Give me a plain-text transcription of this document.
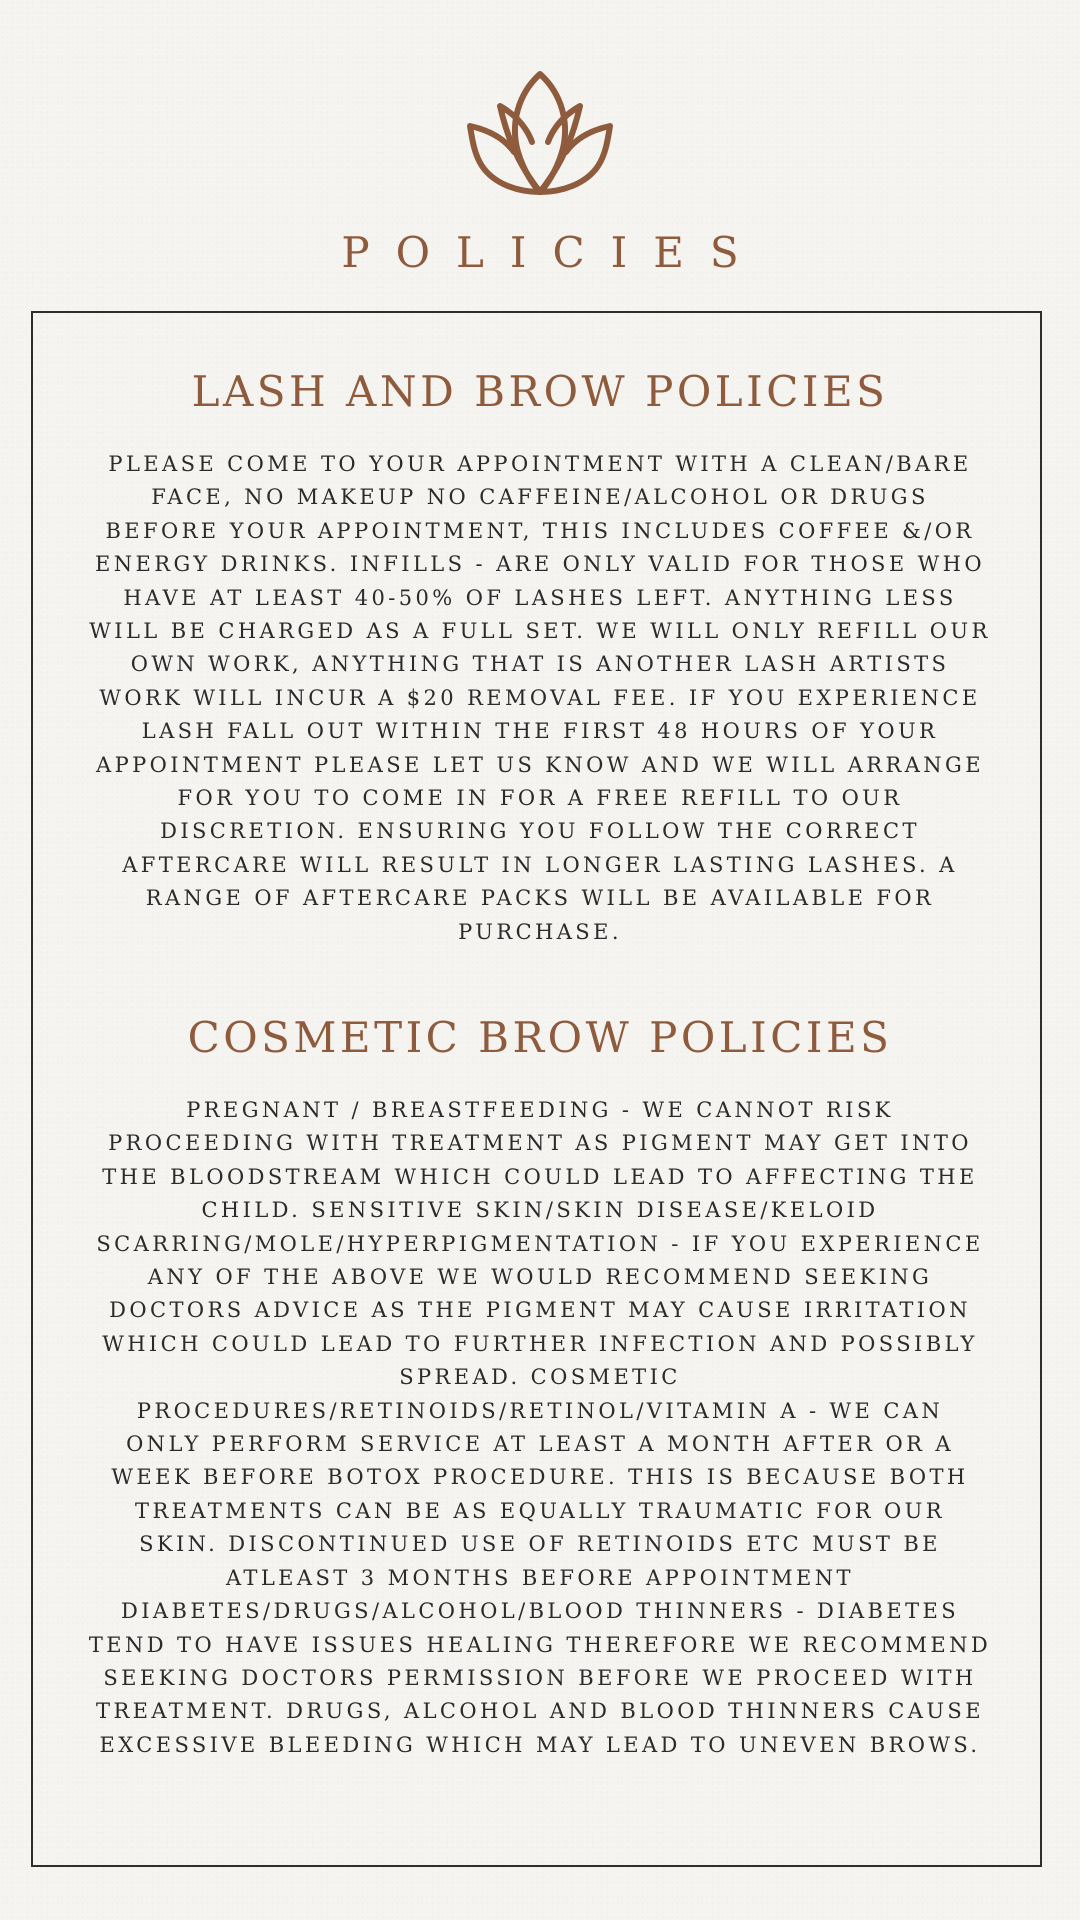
POLICIES
LASH AND BROW POLICIES
PLEASE COME TO YOUR APPOINTMENT WITH A CLEAN/BARE
FACE, NO MAKEUP NO CAFFEINE/ALCOHOL OR DRUGS
BEFORE YOUR APPOINTMENT, THIS INCLUDES COFFEE &/OR
ENERGY DRINKS. INFILLS - ARE ONLY VALID FOR THOSE WHO
HAVE AT LEAST 40-50% OF LASHES LEFT. ANYTHING LESS
WILL BE CHARGED AS A FULL SET. WE WILL ONLY REFILL OUR
OWN WORK, ANYTHING THAT IS ANOTHER LASH ARTISTS
WORK WILL INCUR A $20 REMOVAL FEE. IF YOU EXPERIENCE
LASH FALL OUT WITHIN THE FIRST 48 HOURS OF YOUR
APPOINTMENT PLEASE LET US KNOW AND WE WILL ARRANGE
FOR YOU TO COME IN FOR A FREE REFILL TO OUR
DISCRETION. ENSURING YOU FOLLOW THE CORRECT
AFTERCARE WILL RESULT IN LONGER LASTING LASHES. A
RANGE OF AFTERCARE PACKS WILL BE AVAILABLE FOR
PURCHASE.
COSMETIC BROW POLICIES
PREGNANT / BREASTFEEDING - WE CANNOT RISK
PROCEEDING WITH TREATMENT AS PIGMENT MAY GET INTO
THE BLOODSTREAM WHICH COULD LEAD TO AFFECTING THE
CHILD. SENSITIVE SKIN/SKIN DISEASE/KELOID
SCARRING/MOLE/HYPERPIGMENTATION - IF YOU EXPERIENCE
ANY OF THE ABOVE WE WOULD RECOMMEND SEEKING
DOCTORS ADVICE AS THE PIGMENT MAY CAUSE IRRITATION
WHICH COULD LEAD TO FURTHER INFECTION AND POSSIBLY
SPREAD. COSMETIC
PROCEDURES/RETINOIDS/RETINOL/VITAMIN A - WE CAN
ONLY PERFORM SERVICE AT LEAST A MONTH AFTER OR A
WEEK BEFORE BOTOX PROCEDURE. THIS IS BECAUSE BOTH
TREATMENTS CAN BE AS EQUALLY TRAUMATIC FOR OUR
SKIN. DISCONTINUED USE OF RETINOIDS ETC MUST BE
ATLEAST 3 MONTHS BEFORE APPOINTMENT
DIABETES/DRUGS/ALCOHOL/BLOOD THINNERS - DIABETES
TEND TO HAVE ISSUES HEALING THEREFORE WE RECOMMEND
SEEKING DOCTORS PERMISSION BEFORE WE PROCEED WITH
TREATMENT. DRUGS, ALCOHOL AND BLOOD THINNERS CAUSE
EXCESSIVE BLEEDING WHICH MAY LEAD TO UNEVEN BROWS.
